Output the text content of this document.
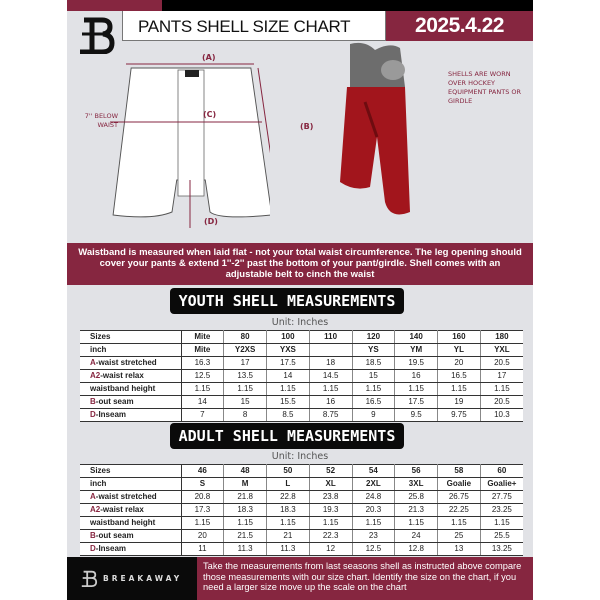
PANTS SHELL SIZE CHART	2025.4.22
(A)
(C)
(B)
(D)
7'' BELOW WAIST
SHELLS ARE WORN OVER HOCKEY EQUIPMENT PANTS OR GIRDLE
Waistband is measured when laid flat - not your total waist circumference. The leg opening should cover your pants & extend 1''-2'' past the bottom of your pant/girdle. Shell comes with an adjustable belt to cinch the waist
YOUTH SHELL MEASUREMENTS
Unit: Inches
Sizes	Mite	80	100	110	120	140	160	180
inch	Mite	Y2XS	YXS		YS	YM	YL	YXL
A-waist stretched	16.3	17	17.5	18	18.5	19.5	20	20.5
A2-waist relax	12.5	13.5	14	14.5	15	16	16.5	17
waistband height	1.15	1.15	1.15	1.15	1.15	1.15	1.15	1.15
B-out seam	14	15	15.5	16	16.5	17.5	19	20.5
D-Inseam	7	8	8.5	8.75	9	9.5	9.75	10.3
ADULT SHELL MEASUREMENTS
Unit: Inches
Sizes	46	48	50	52	54	56	58	60
inch	S	M	L	XL	2XL	3XL	Goalie	Goalie+
A-waist stretched	20.8	21.8	22.8	23.8	24.8	25.8	26.75	27.75
A2-waist relax	17.3	18.3	18.3	19.3	20.3	21.3	22.25	23.25
waistband height	1.15	1.15	1.15	1.15	1.15	1.15	1.15	1.15
B-out seam	20	21.5	21	22.3	23	24	25	25.5
D-Inseam	11	11.3	11.3	12	12.5	12.8	13	13.25
BREAKAWAY
Take the measurements from last seasons shell as instructed above compare those measurements with our size chart. Identify the size on the chart, if you need a larger size move up the scale on the chart
